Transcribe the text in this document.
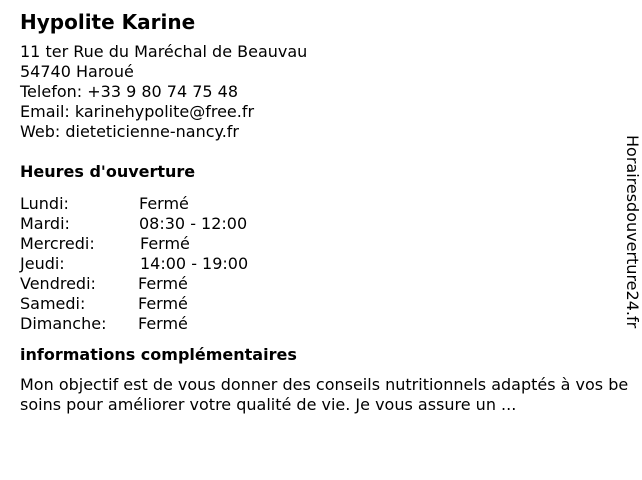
Hypolite Karine
11 ter Rue du Maréchal de Beauvau
54740 Haroué
Telefon: +33 9 80 74 75 48
Email: karinehypolite@free.fr
Web: dieteticienne-nancy.fr
Heures d'ouverture
Lundi:	Fermé
Mardi:	08:30 - 12:00
Mercredi:	Fermé
Jeudi:	14:00 - 19:00
Vendredi:	Fermé
Samedi:	Fermé
Dimanche: Fermé
informations complémentaires
Mon objectif est de vous donner des conseils nutritionnels adaptés à vos besoins pour améliorer votre qualité de vie. Je vous assure un ...
Horairesdouverture24.fr
